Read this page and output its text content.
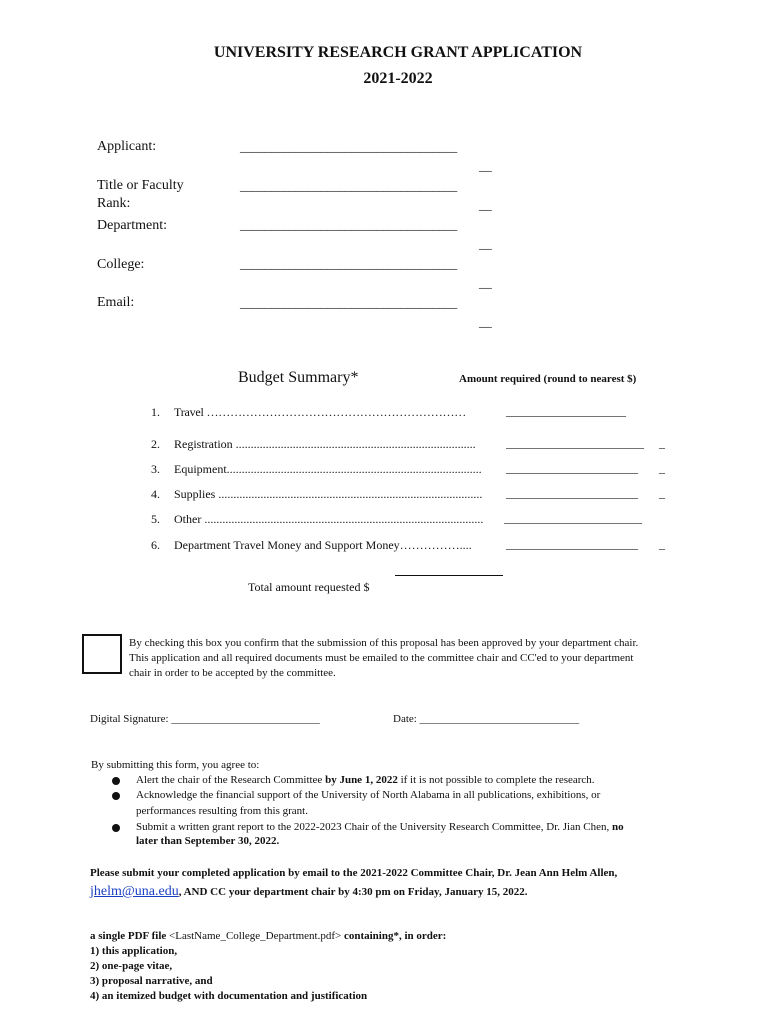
UNIVERSITY RESEARCH GRANT APPLICATION
2021-2022
Applicant:	___________________________________
__
Title or Faculty
Rank:
___________________________________
__
Department:	___________________________________
__
College:	___________________________________
__
Email:	___________________________________
__
Budget Summary*	Amount required (round to nearest $)
1. Travel …………………………………………………………	____________________
2. Registration ................................................................................	_______________________ _
3. Equipment.....................................................................................	______________________	_
4. Supplies ........................................................................................	______________________	_
5. Other .............................................................................................	_______________________
6. Department Travel Money and Support Money……………....	______________________	_
Total amount requested $
By checking this box you confirm that the submission of this proposal has been approved by your department chair.
This application and all required documents must be emailed to the committee chair and CC'ed to your department
chair in order to be accepted by the committee.
Digital Signature: ___________________________	Date: _____________________________
By submitting this form, you agree to:
Alert the chair of the Research Committee by June 1, 2022 if it is not possible to complete the research.
Acknowledge the financial support of the University of North Alabama in all publications, exhibitions, or
performances resulting from this grant.
Submit a written grant report to the 2022-2023 Chair of the University Research Committee, Dr. Jian Chen, no
later than September 30, 2022.
Please submit your completed application by email to the 2021-2022 Committee Chair, Dr. Jean Ann Helm Allen,
jhelm@una.edu, AND CC your department chair by 4:30 pm on Friday, January 15, 2022.
a single PDF file <LastName_College_Department.pdf> containing*, in order:
1) this application,
2) one-page vitae,
3) proposal narrative, and
4) an itemized budget with documentation and justification
